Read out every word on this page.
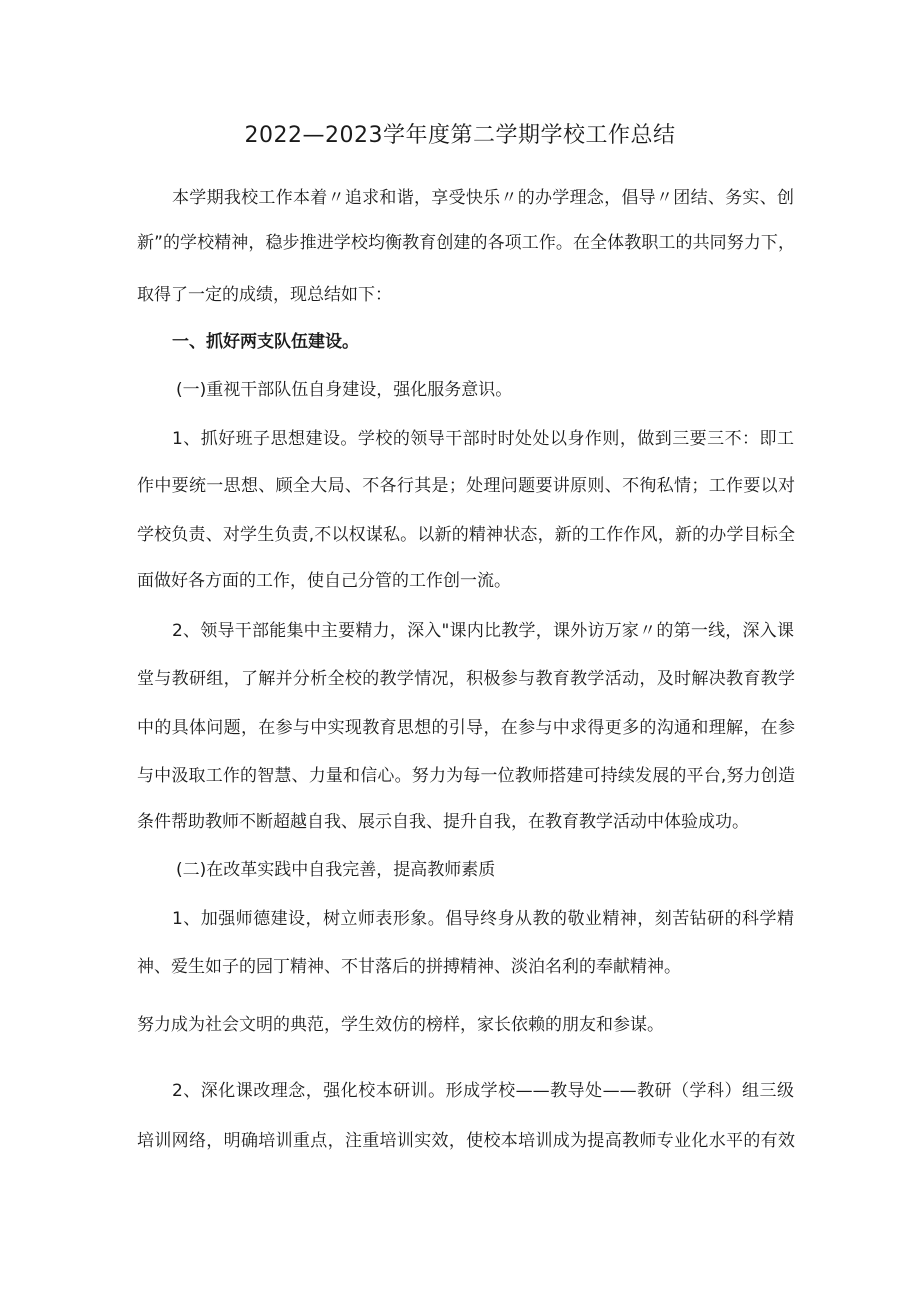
2022—2023学年度第二学期学校工作总结

本学期我校工作本着〃追求和谐，享受快乐〃的办学理念，倡导〃团结、务实、创

新”的学校精神，稳步推进学校均衡教育创建的各项工作。在全体教职工的共同努力下，

取得了一定的成绩，现总结如下：

一、抓好两支队伍建设。

(一)重视干部队伍自身建设，强化服务意识。

1、抓好班子思想建设。学校的领导干部时时处处以身作则，做到三要三不：即工

作中要统一思想、顾全大局、不各行其是；处理问题要讲原则、不徇私情；工作要以对

学校负责、对学生负责,不以权谋私。以新的精神状态，新的工作作风，新的办学目标全

面做好各方面的工作，使自己分管的工作创一流。

2、领导干部能集中主要精力，深入"课内比教学，课外访万家〃的第一线，深入课

堂与教研组，了解并分析全校的教学情况，积极参与教育教学活动，及时解决教育教学

中的具体问题，在参与中实现教育思想的引导，在参与中求得更多的沟通和理解，在参

与中汲取工作的智慧、力量和信心。努力为每一位教师搭建可持续发展的平台,努力创造

条件帮助教师不断超越自我、展示自我、提升自我，在教育教学活动中体验成功。

(二)在改革实践中自我完善，提高教师素质

1、加强师德建设，树立师表形象。倡导终身从教的敬业精神，刻苦钻研的科学精

神、爱生如子的园丁精神、不甘落后的拼搏精神、淡泊名利的奉献精神。

努力成为社会文明的典范，学生效仿的榜样，家长依赖的朋友和参谋。

2、深化课改理念，强化校本研训。形成学校——教导处——教研（学科）组三级

培训网络，明确培训重点，注重培训实效，使校本培训成为提高教师专业化水平的有效
